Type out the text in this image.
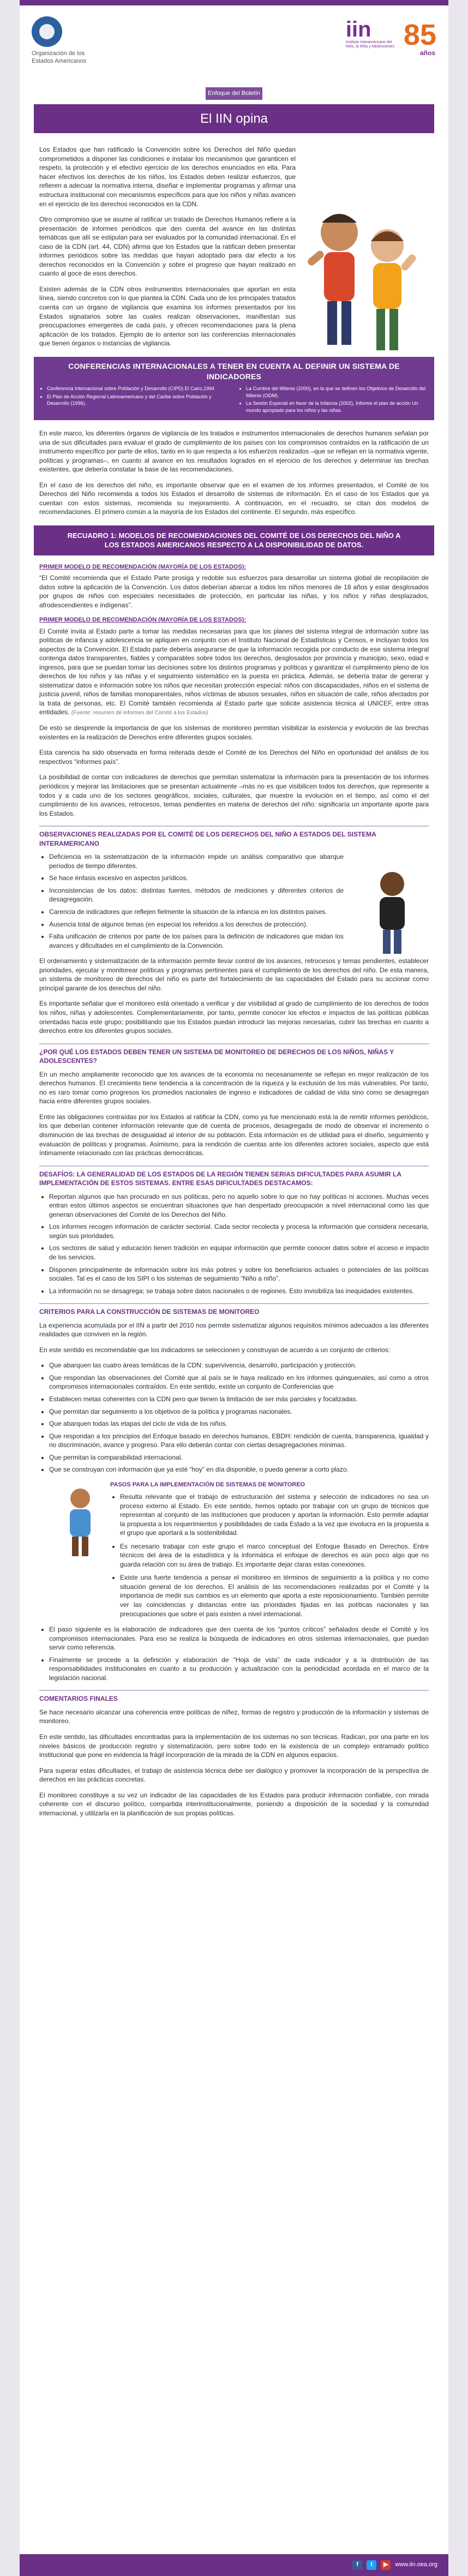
Organización de los Estados Americanos
iin
Instituto Interamericano del Niño, la Niña y Adolescentes 85
años
Enfoque del Boletín
El IIN opina

Los Estados que han ratificado la Convención sobre los Derechos del Niño quedan comprometidos a disponer las condiciones e instalar los mecanismos que garanticen el respeto, la protección y el efectivo ejercicio de los derechos enunciados en ella. Para hacer efectivos los derechos de los niños, los Estados deben realizar esfuerzos, que refieren a adecuar la normativa interna, diseñar e implementar programas y afirmar una estructura institucional con mecanismos específicos para que los niños y niñas avancen en el ejercicio de los derechos reconocidos en la CDN.

Otro compromiso que se asume al ratificar un tratado de Derechos Humanos refiere a la presentación de informes periódicos que den cuenta del avance en las distintas temáticas que allí se estipulan para ser evaluados por la comunidad internacional. En el caso de la CDN (art. 44, CDN) afirma que los Estados que la ratifican deben presentar informes periódicos sobre las medidas que hayan adoptado para dar efecto a los derechos reconocidos en la Convención y sobre el progreso que hayan realizado en cuanto al goce de esos derechos.

Existen además de la CDN otros instrumentos internacionales que aportan en esta línea, siendo concretos con lo que plantea la CDN. Cada uno de los principales tratados cuenta con un órgano de vigilancia que examina los informes presentados por los Estados signatarios sobre las cuales realizan observaciones, manifiestan sus preocupaciones emergentes de cada país, y ofrecen recomendaciones para la plena aplicación de los tratados. Ejemplo de lo anterior son las conferencias internacionales que tienen órganos o instancias de vigilancia.

CONFERENCIAS INTERNACIONALES A TENER EN CUENTA AL DEFINIR UN SISTEMA DE INDICADORES
• Conferencia Internacional sobre Población y Desarrollo (CIPD) El Cairo,1994
• El Plan de Acción Regional Latinoamericano y del Caribe sobre Población y Desarrollo (1996).
• La Cumbre del Milenio (2000), en la que se definen los Objetivos de Desarrollo del Milenio (ODM).
• La Sesión Especial en favor de la Infancia (2002), Informe el plan de acción Un mundo apropiado para los niños y las niñas.

En este marco, los diferentes órganos de vigilancia de los tratados e instrumentos internacionales de derechos humanos señalan por una de sus dificultades para evaluar el grado de cumplimiento de los países con los compromisos contraídos en la ratificación de un instrumento específico por parte de ellos, tanto en lo que respecta a los esfuerzos realizados –que se reflejan en la normativa vigente, políticas y programas–, en cuanto al avance en los resultados logrados en el ejercicio de los derechos y determinar las brechas existentes, que debería constatar la base de las recomendaciones.

En el caso de los derechos del niño, es importante observar que en el examen de los informes presentados, el Comité de los Derechos del Niño recomienda a todos los Estados el desarrollo de sistemas de información. En el caso de los Estados que ya cuentan con estos sistemas, recomienda su mejoramiento. A continuación, en el recuadro, se citan dos modelos de recomendaciones. El primero común a la mayoría de los Estados del continente. El segundo, más específico.

RECUADRO 1: MODELOS DE RECOMENDACIONES DEL COMITÉ DE LOS DERECHOS DEL NIÑO A LOS ESTADOS AMERICANOS RESPECTO A LA DISPONIBILIDAD DE DATOS.
PRIMER MODELO DE RECOMENDACIÓN (MAYORÍA DE LOS ESTADOS):

“El Comité recomienda que el Estado Parte prosiga y redoble sus esfuerzos para desarrollar un sistema global de recopilación de datos sobre la aplicación de la Convención. Los datos deberían abarcar a todos los niños menores de 18 años y estar desglosados por grupos de niños con especiales necesidades de protección, en particular las niñas, y los niños y niñas desplazados, afrodescendientes e indígenas”.

PRIMER MODELO DE RECOMENDACIÓN (MAYORÍA DE LOS ESTADOS):

El Comité invita al Estado parte a tomar las medidas necesarias para que los planes del sistema integral de información sobre las políticas de infancia y adolescencia se apliquen en conjunto con el Instituto Nacional de Estadísticas y Censos, e incluyan todos los aspectos de la Convención. El Estado parte debería asegurarse de que la información recogida por conducto de ese sistema integral contenga datos transparentes, fiables y comparables sobre todos los derechos, desglosados por provincia y municipio, sexo, edad e ingresos, para que se puedan tomar las decisiones sobre los distintos programas y políticas y garantizar el cumplimiento pleno de los derechos de los niños y las niñas y el seguimiento sistemático en la puesta en práctica. Además, se debería tratar de generar y sistematizar datos e información sobre los niños que necesitan protección especial: niños con discapacidades, niños en el sistema de justicia juvenil, niños de familias monoparentales, niños víctimas de abusos sexuales, niños en situación de calle, niños afectados por la trata de personas, etc. El Comité también recomienda al Estado parte que solicite asistencia técnica al UNICEF, entre otras entidades. (Fuente: resumen de informes del Comité a los Estados)

De esto se desprende la importancia de que los sistemas de monitoreo permitan visibilizar la existencia y evolución de las brechas existentes en la realización de Derechos entre diferentes grupos sociales.

Esta carencia ha sido observada en forma reiterada desde el Comité de los Derechos del Niño en oportunidad del análisis de los respectivos “informes país”.

La posibilidad de contar con indicadores de derechos que permitan sistematizar la información para la presentación de los informes periódicos y mejorar las limitaciones que se presentan actualmente –más no es que visibilicen todos los derechos, que represente a todos y a cada uno de los sectores geográficos, sociales, culturales, que muestre la evolución en el tiempo, así como el del cumplimiento de los avances, retrocesos, temas pendientes en materia de derechos del niño: significaría un importante aporte para los Estados.

OBSERVACIONES REALIZADAS POR EL COMITÉ DE LOS DERECHOS DEL NIÑO A ESTADOS DEL SISTEMA INTERAMERICANO
• Deficiencia en la sistematización de la información impide un análisis comparativo que abarque períodos de tiempo diferentes.
• Se hace énfasis excesivo en aspectos jurídicos.
• Inconsistencias de los datos: distintas fuentes, métodos de mediciones y diferentes criterios de desagregación.
• Carencia de indicadores que reflejen fielmente la situación de la infancia en los distintos países.
• Ausencia total de algunos temas (en especial los referidos a los derechos de protección).
• Falta unificación de criterios por parte de los países para la definición de indicadores que midan los avances y dificultades en el cumplimiento de la Convención.

El ordenamiento y sistematización de la información permite llevar control de los avances, retrocesos y temas pendientes, establecer prioridades, ejecutar y monitorear políticas y programas pertinentes para el cumplimiento de los derechos del niño. De esta manera, un sistema de monitoreo de derechos del niño es parte del fortalecimiento de las capacidades del Estado para su accionar como principal garante de los derechos del niño.

Es importante señalar que el monitoreo está orientado a verificar y dar visibilidad al grado de cumplimiento de los derechos de todos los niños, niñas y adolescentes. Complementariamente, por tanto, permite conocer los efectos e impactos de las políticas públicas orientadas hacia este grupo; posibilitando que los Estados puedan introducir las mejoras necesarias, cubrir las brechas en cuanto a derechos entre los diferentes grupos sociales.

¿POR QUÉ LOS ESTADOS DEBEN TENER UN SISTEMA DE MONITOREO DE DERECHOS DE LOS NIÑOS, NIÑAS Y ADOLESCENTES?

En un mecho ampliamente reconocido que los avances de la economía no necesariamente se reflejan en mejor realización de los derechos humanos. El crecimiento tiene tendencia a la concentración de la riqueza y la exclusión de los más vulnerables. Por tanto, no es raro tomar como progresos los promedios nacionales de ingreso e indicadores de calidad de vida sino como se desagregan hacia entre diferentes grupos sociales.

Entre las obligaciones contraídas por los Estados al ratificar la CDN, como ya fue mencionado está la de remitir informes periódicos, los que deberían contener información relevante que dé cuenta de procesos, desagregada de modo de observar el incremento o disminución de las brechas de desigualdad al interior de su población. Esta información es de utilidad para el diseño, seguimiento y evaluación de políticas y programas. Asimismo, para la rendición de cuentas ante los diferentes actores sociales, aspecto que está íntimamente relacionado con las prácticas democráticas.

DESAFÍOS: LA GENERALIDAD DE LOS ESTADOS DE LA REGIÓN TIENEN SERIAS DIFICULTADES PARA ASUMIR LA IMPLEMENTACIÓN DE ESTOS SISTEMAS. ENTRE ESAS DIFICULTADES DESTACAMOS:
• Reportan algunos que han procurado en sus políticas, pero no aquello sobre lo que no hay políticas ni acciones. Muchas veces entran estos últimos aspectos se encuentran situaciones que han despertado preocupación a nivel internacional como las que generan observaciones del Comité de los Derechos del Niño.
• Los informes recogen información de carácter sectorial. Cada sector recolecta y procesa la información que considera necesaria, según sus prioridades.
• Los sectores de salud y educación tienen tradición en equipar información que permite conocer datos sobre el acceso e impacto de los servicios.
• Disponen principalmente de información sobre los más pobres y sobre los beneficiarios actuales o potenciales de las políticas sociales. Tal es el caso de los SIPI o los sistemas de seguimiento “Niño a niño”.
• La información no se desagrega; se trabaja sobre datos nacionales o de regiones. Esto invisibiliza las inequidades existentes.
CRITERIOS PARA LA CONSTRUCCIÓN DE SISTEMAS DE MONITOREO

La experiencia acumulada por el IIN a partir del 2010 nos permite sistematizar algunos requisitos mínimos adecuados a las diferentes realidades que conviven en la región.

En este sentido es recomendable que los indicadores se seleccionen y construyan de acuerdo a un conjunto de criterios:

• Que abarquen las cuatro áreas temáticas de la CDN: supervivencia, desarrollo, participación y protección.
• Que respondan las observaciones del Comité que al país se le haya realizado en los informes quinquenales, así como a otros compromisos internacionales contraídos. En este sentido, existe un conjunto de Conferencias que
• Establecen metas coherentes con la CDN pero que tienen la limitación de ser más parciales y focalizadas.
• Que permitan dar seguimiento a los objetivos de la política y programas nacionales.
• Que abarquen todas las etapas del ciclo de vida de los niños.
• Que respondan a los principios del Enfoque basado en derechos humanos, EBDH: rendición de cuenta, transparencia, igualdad y no discriminación, avance y progreso. Para ello deberán contar con ciertas desagregaciones mínimas.
• Que permitan la comparabilidad internacional.
• Que se construyan con información que ya esté “hoy” en día disponible, o pueda generar a corto plazo.
PASOS PARA LA IMPLEMENTACIÓN DE SISTEMAS DE MONITOREO
• Resulta relevante que el trabajo de estructuración del sistema y selección de indicadores no sea un proceso externo al Estado. En este sentido, hemos optado por trabajar con un grupo de técnicos que representan al conjunto de las instituciones que producen y aportan la información. Esto permite adaptar la propuesta a los requerimientos y posibilidades de cada Estado a la vez que involucra en la propuesta a el grupo que aportará a la sostenibilidad.
• Es necesario trabajar con este grupo el marco conceptual del Enfoque Basado en Derechos. Entre técnicos del área de la estadística y la informática el enfoque de derechos es aún poco algo que no guarda relación con su área de trabajo. Es importante dejar claras estas conexiones.
• Existe una fuerte tendencia a pensar el monitoreo en términos de seguimiento a la política y no como situación general de los derechos. El análisis de las recomendaciones realizadas por el Comité y la importancia de medir sus cambios es un elemento que aporta a este reposicionamiento. También permite ver las coincidencias y distancias entre las prioridades fijadas en las políticas nacionales y las preocupaciones que sobre el país existen a nivel internacional.
• El paso siguiente es la elaboración de indicadores que den cuenta de los “puntos críticos” señalados desde el Comité y los compromisos internacionales. Para eso se realiza la búsqueda de indicadores en otros sistemas internacionales, que puedan servir como referencia.
• Finalmente se procede a la definición y elaboración de “Hoja de vida” de cada indicador y a la distribución de las responsabilidades institucionales en cuanto a su producción y actualización con la periodicidad acordada en el marco de la legislación nacional.
COMENTARIOS FINALES

Se hace necesario alcanzar una coherencia entre políticas de niñez, formas de registro y producción de la información y sistemas de monitoreo.

En este sentido, las dificultades encontradas para la implementación de los sistemas no son técnicas. Radican, por una parte en los niveles básicos de producción registro y sistematización, pero sobre todo en la existencia de un complejo entramado político institucional que pone en evidencia la frágil incorporación de la mirada de la CDN en algunos espacios.

Para superar estas dificultades, el trabajo de asistencia técnica debe ser dialógico y promover la incorporación de la perspectiva de derechos en las prácticas concretas.

El monitoreo constituye a su vez un indicador de las capacidades de los Estados para producir información confiable, con mirada coherente con el discurso político, compartida interinstitucionalmente, poniendo a disposición de la sociedad y la comunidad internacional, y utilizarla en la planificación de sus propias políticas.

f	t	▶	www.iin.oea.org
